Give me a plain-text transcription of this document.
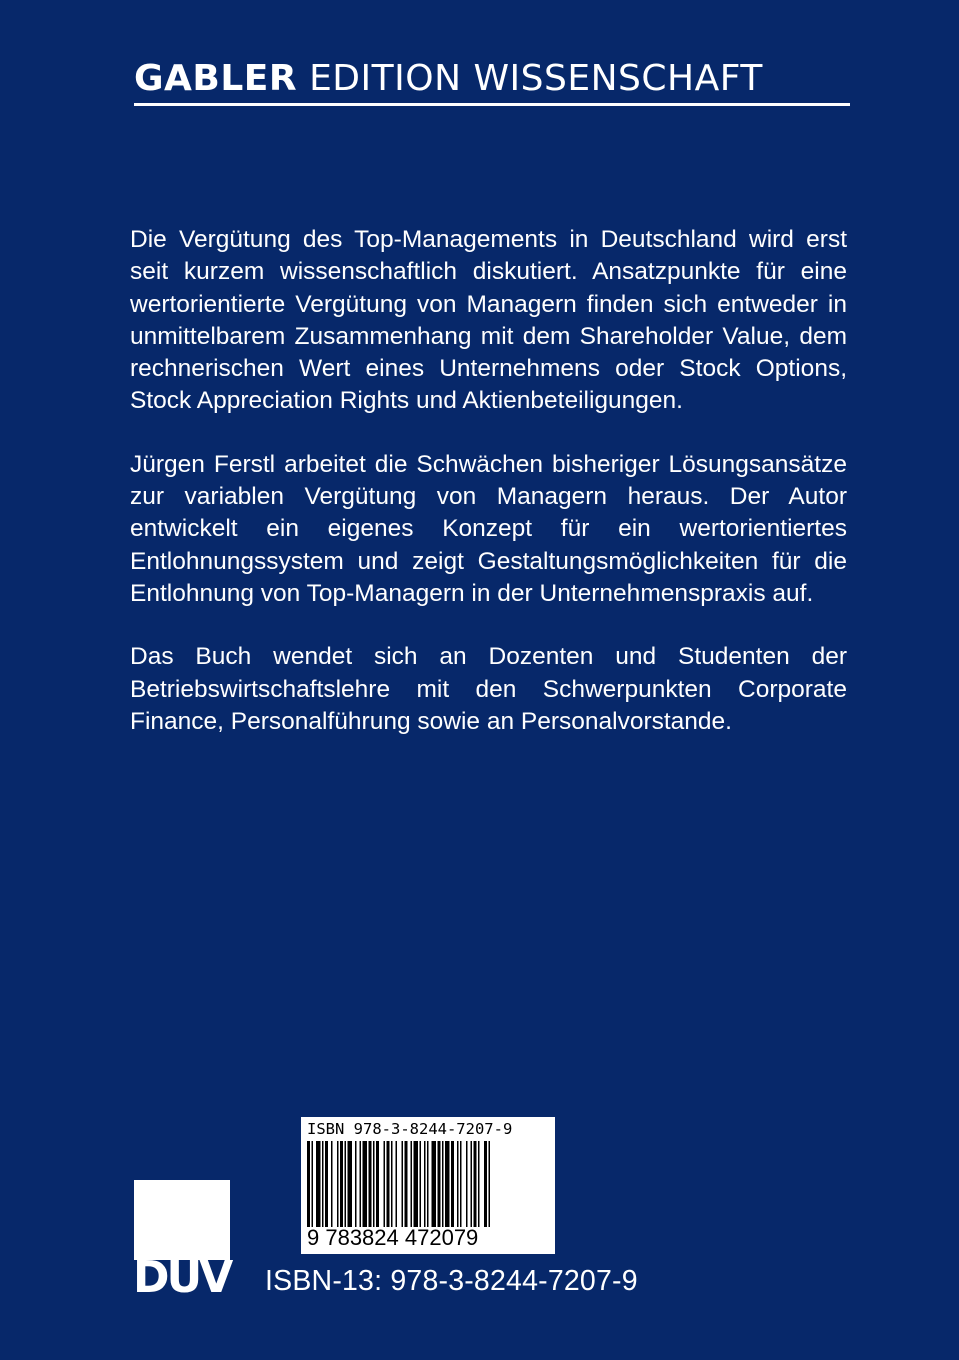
GABLER EDITION WISSENSCHAFT

Die Vergütung des Top-Managements in Deutschland wird erst seit kurzem wissenschaftlich diskutiert. Ansatzpunkte für eine wertorientierte Vergütung von Managern finden sich entweder in unmittelbarem Zusammenhang mit dem Shareholder Value, dem rechnerischen Wert eines Unternehmens oder Stock Options, Stock Appreciation Rights und Aktienbeteiligungen.

Jürgen Ferstl arbeitet die Schwächen bisheriger Lösungsansätze zur variablen Vergütung von Managern heraus. Der Autor entwickelt ein eigenes Konzept für ein wertorientiertes Entlohnungssystem und zeigt Gestaltungsmöglichkeiten für die Entlohnung von Top-Managern in der Unternehmenspraxis auf.

Das Buch wendet sich an Dozenten und Studenten der Betriebswirtschaftslehre mit den Schwerpunkten Corporate Finance, Personalführung sowie an Personalvorstande.

ISBN 978-3-8244-7207-9
9 783824 472079
DUV ISBN-13: 978-3-8244-7207-9
